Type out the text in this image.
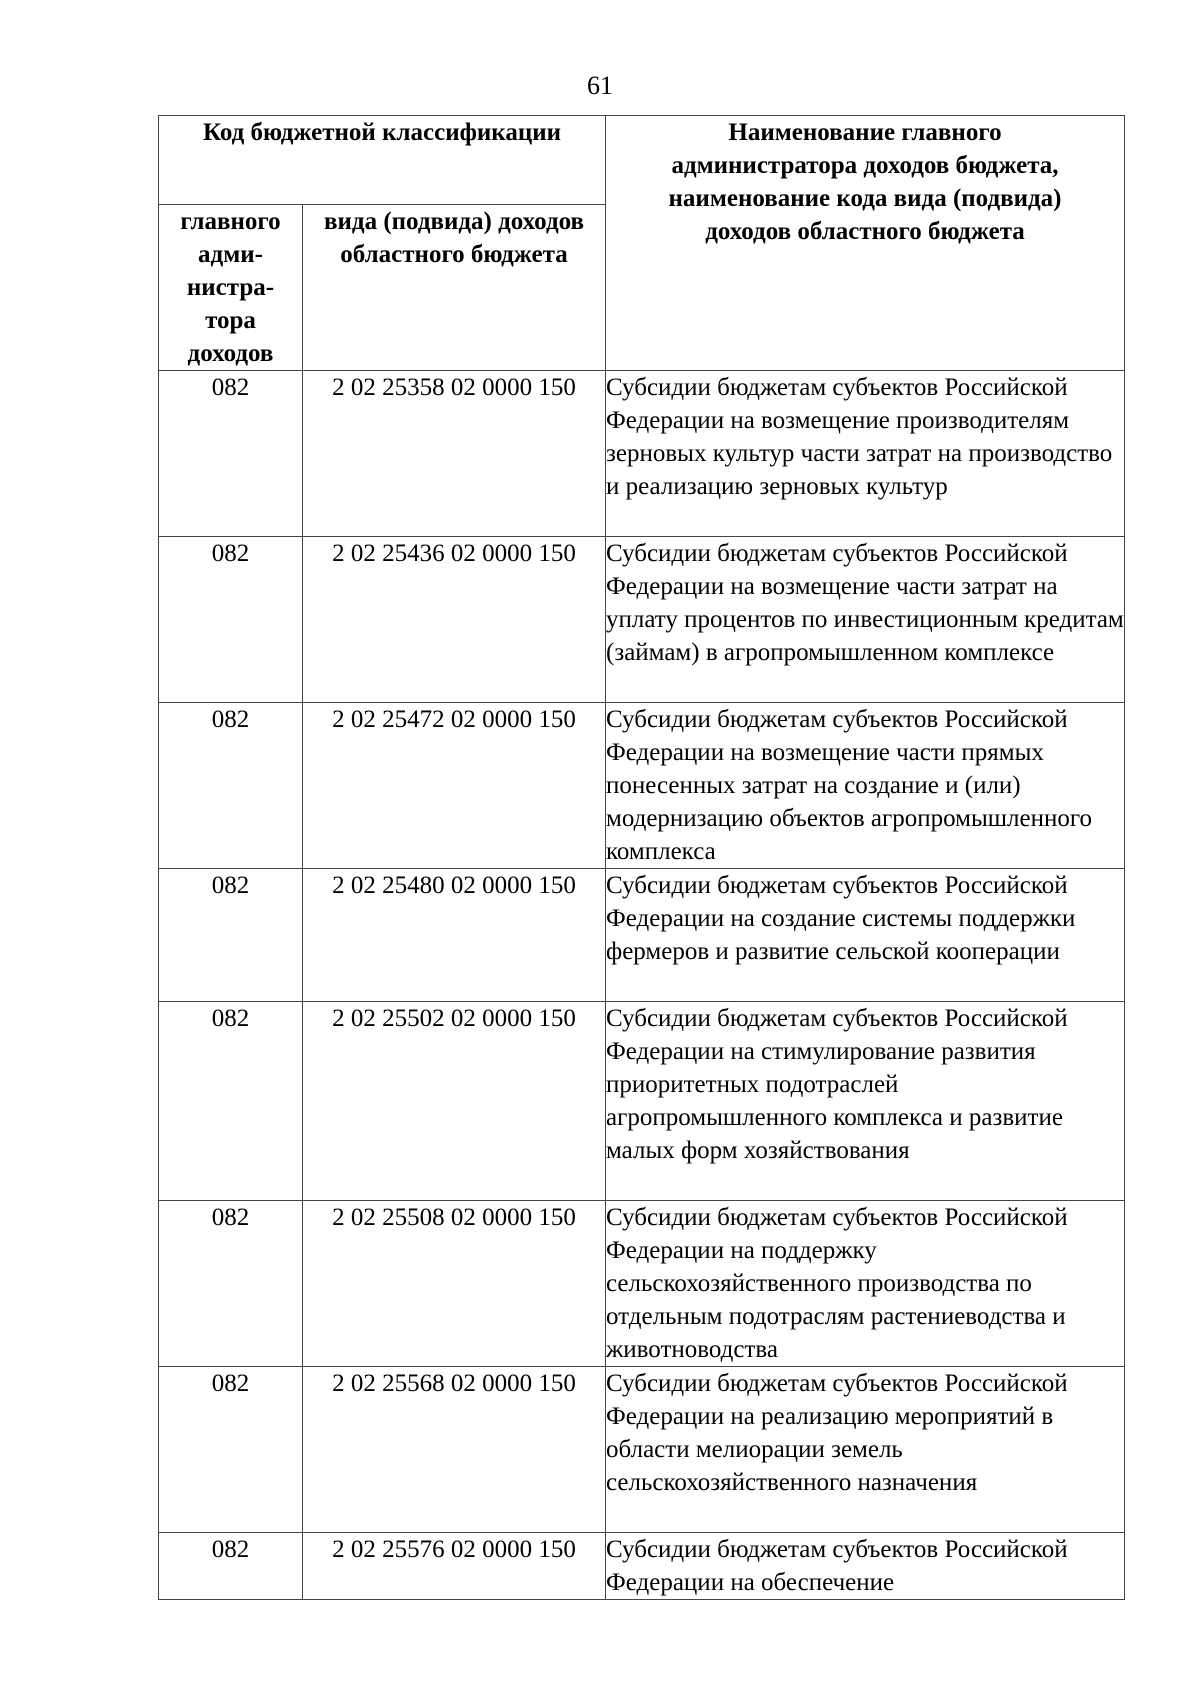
61
Код бюджетной классификации		Наименование главного администратора доходов бюджета, наименование кода вида (подвида) доходов областного бюджета

главного адми-нистра-тора доходов	вида (подвида) доходов областного бюджета	

082	2 02 25358 02 0000 150	Субсидии бюджетам субъектов Российской Федерации на возмещение производителям зерновых культур части затрат на производство и реализацию зерновых культур
082	2 02 25436 02 0000 150	Субсидии бюджетам субъектов Российской Федерации на возмещение части затрат на уплату процентов по инвестиционным кредитам (займам) в агропромышленном комплексе
082	2 02 25472 02 0000 150	Субсидии бюджетам субъектов Российской Федерации на возмещение части прямых понесенных затрат на создание и (или) модернизацию объектов агропромышленного комплекса
082	2 02 25480 02 0000 150	Субсидии бюджетам субъектов Российской Федерации на создание системы поддержки фермеров и развитие сельской кооперации
082	2 02 25502 02 0000 150	Субсидии бюджетам субъектов Российской Федерации на стимулирование развития приоритетных подотраслей агропромышленного комплекса и развитие малых форм хозяйствования
082	2 02 25508 02 0000 150	Субсидии бюджетам субъектов Российской Федерации на поддержку сельскохозяйственного производства по отдельным подотраслям растениеводства и животноводства
082	2 02 25568 02 0000 150	Субсидии бюджетам субъектов Российской Федерации на реализацию мероприятий в области мелиорации земель сельскохозяйственного назначения
082	2 02 25576 02 0000 150	Субсидии бюджетам субъектов Российской Федерации на обеспечение
